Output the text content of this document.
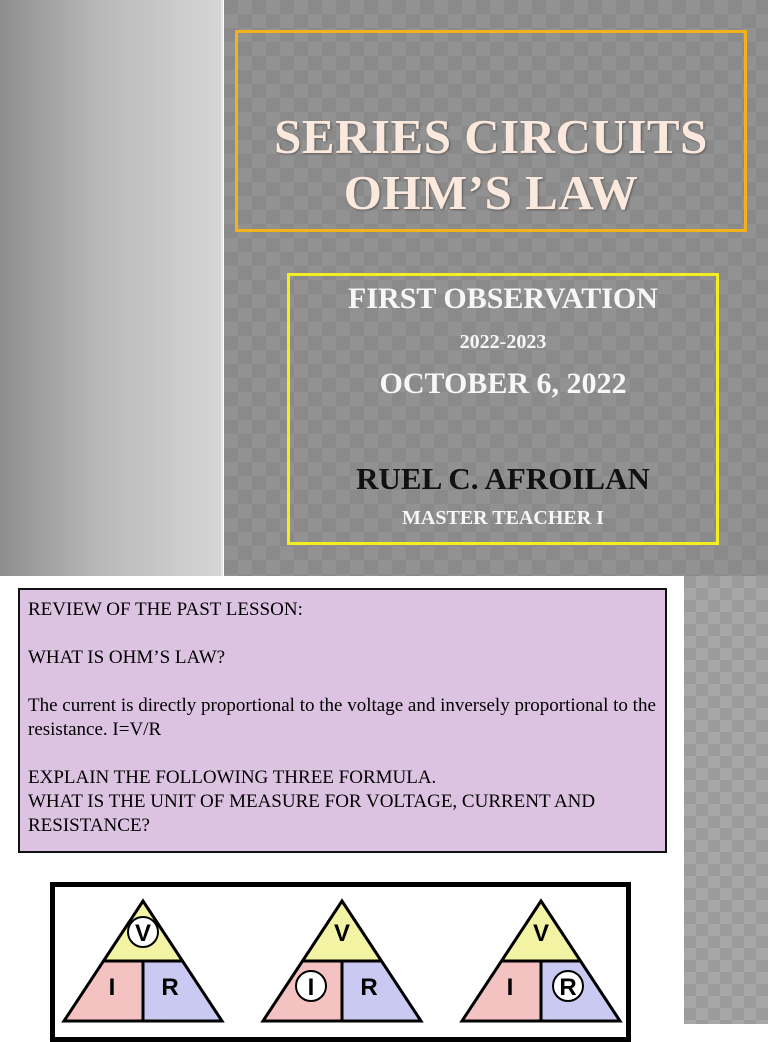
SERIES CIRCUITS
OHM’S LAW
FIRST OBSERVATION
2022-2023
OCTOBER 6, 2022
RUEL C. AFROILAN
MASTER TEACHER I

REVIEW OF THE PAST LESSON:

WHAT IS OHM’S LAW?

The current is directly proportional to the voltage and inversely proportional to the resistance. I=V/R

EXPLAIN THE FOLLOWING THREE FORMULA.

WHAT IS THE UNIT OF MEASURE FOR VOLTAGE, CURRENT AND RESISTANCE?

V
I R
V
I R
V
I R
